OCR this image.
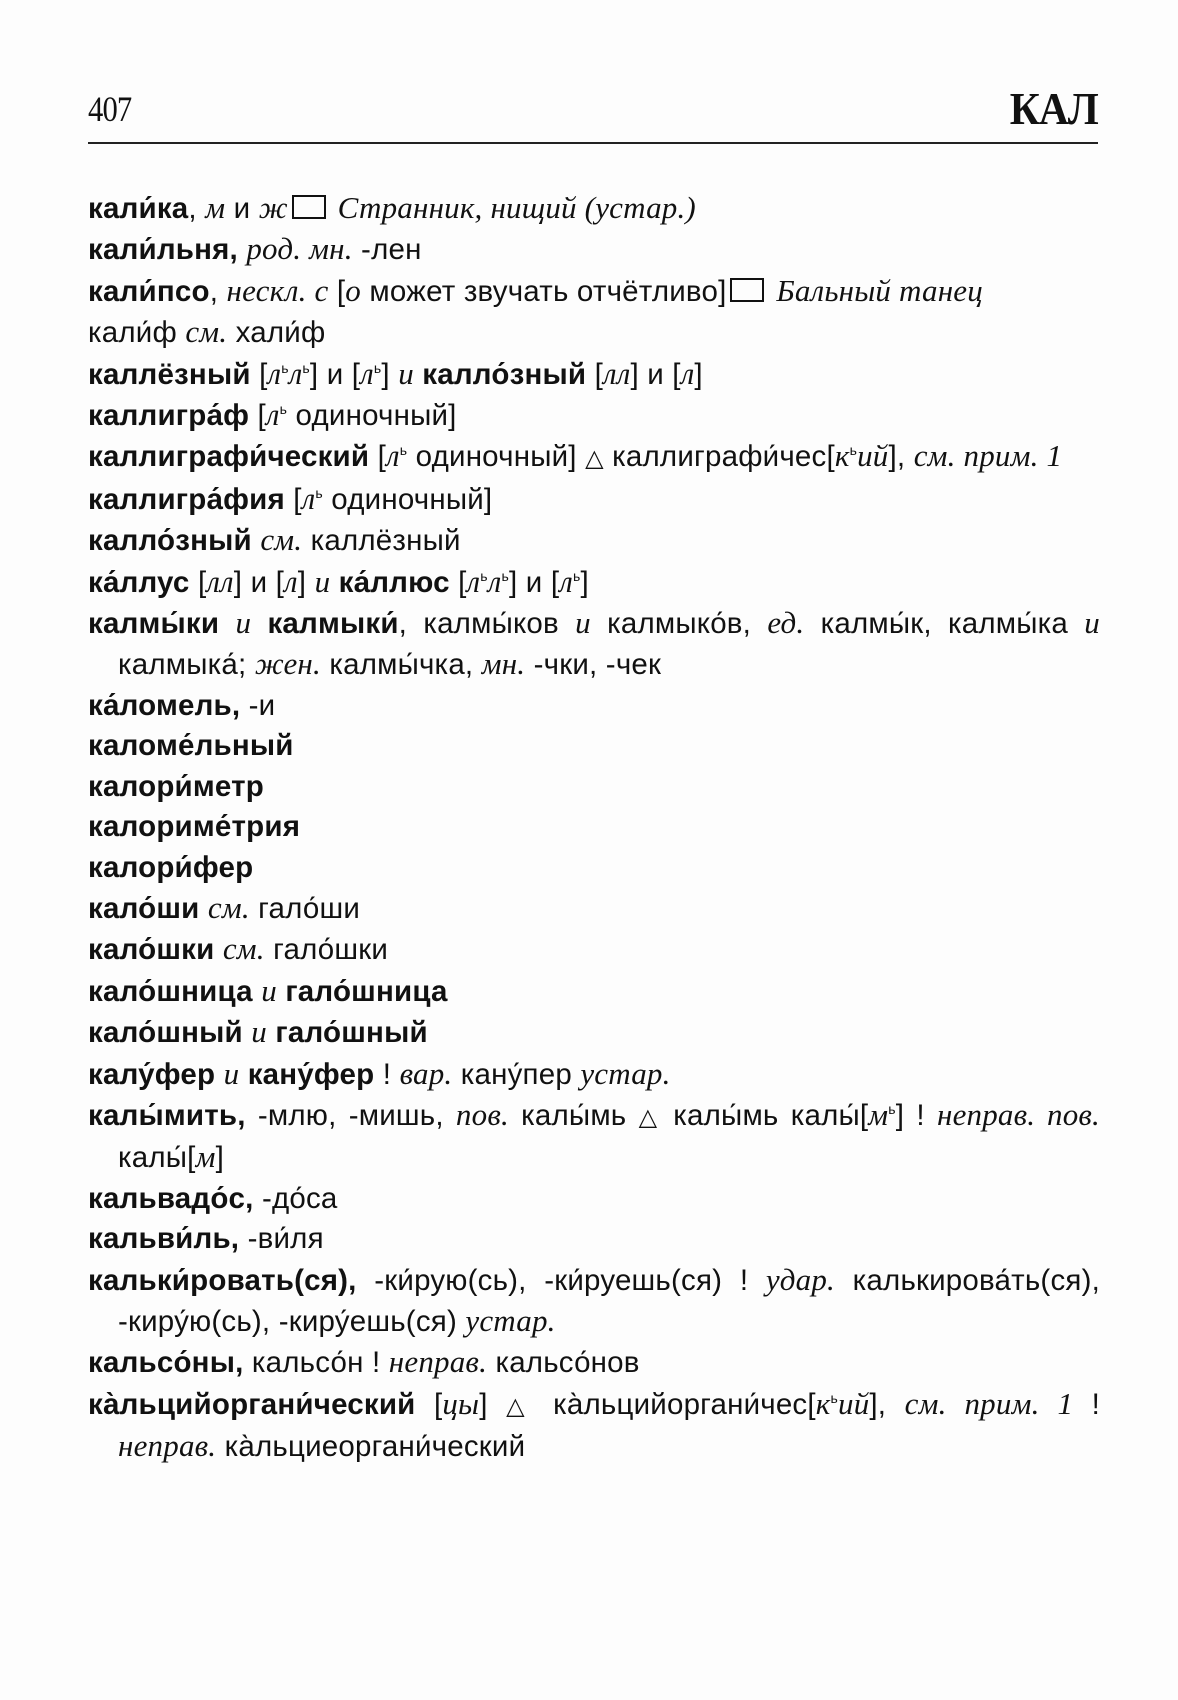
407	КАЛ
кали́ка, м и ж Странник, нищий (устар.)
кали́льня, род. мн. -лен
кали́псо, нескл. с [о может звучать отчётливо] Бальный танец
кали́ф см. хали́ф
каллёзный $[л^ьл^ь]$ и $[л^ь]$ и калло́зный [лл] и [л]
каллигра́ф [$л^ь$ одиночный]
каллиграфи́ческий [$л^ь$ одиночный] △ $каллиграфи́чес[к^ьий]$, см. прим. 1
каллигра́фия [$л^ь$ одиночный]
калло́зный см. каллёзный
ка́ллус [лл] и [л] и ка́ллюс $[л^ьл^ь]$ и $[л^ь]$
калмы́ки и калмыки́, калмы́ков и калмыко́в, ед. калмы́к, калмы́ка и калмыка́; жен. калмы́чка, мн. -чки, -чек
ка́ломель, -и
каломе́льный
калори́метр
калориме́трия
калори́фер
кало́ши см. гало́ши
кало́шки см. гало́шки
кало́шница и гало́шница
кало́шный и гало́шный
калу́фер и кану́фер ! вар. кану́пер устар.
калы́мить, -млю, -мишь, пов. калы́мь △ калы́мь $калы́[м^ь]$ ! неправ. пов. калы́[м]
кальвадо́с, -до́са
кальви́ль, -ви́ля
кальки́ровать(ся), -ки́рую(сь), -ки́руешь(ся) ! удар. калькирова́ть(ся), -киру́ю(сь), -киру́ешь(ся) устар.
кальсо́ны, кальсо́н ! неправ. кальсо́нов
ка̀льцийоргани́ческий [цы] △ $ка̀льцийоргани́чес[к^ьий]$, см. прим. 1 ! неправ. ка̀льциеоргани́ческий
